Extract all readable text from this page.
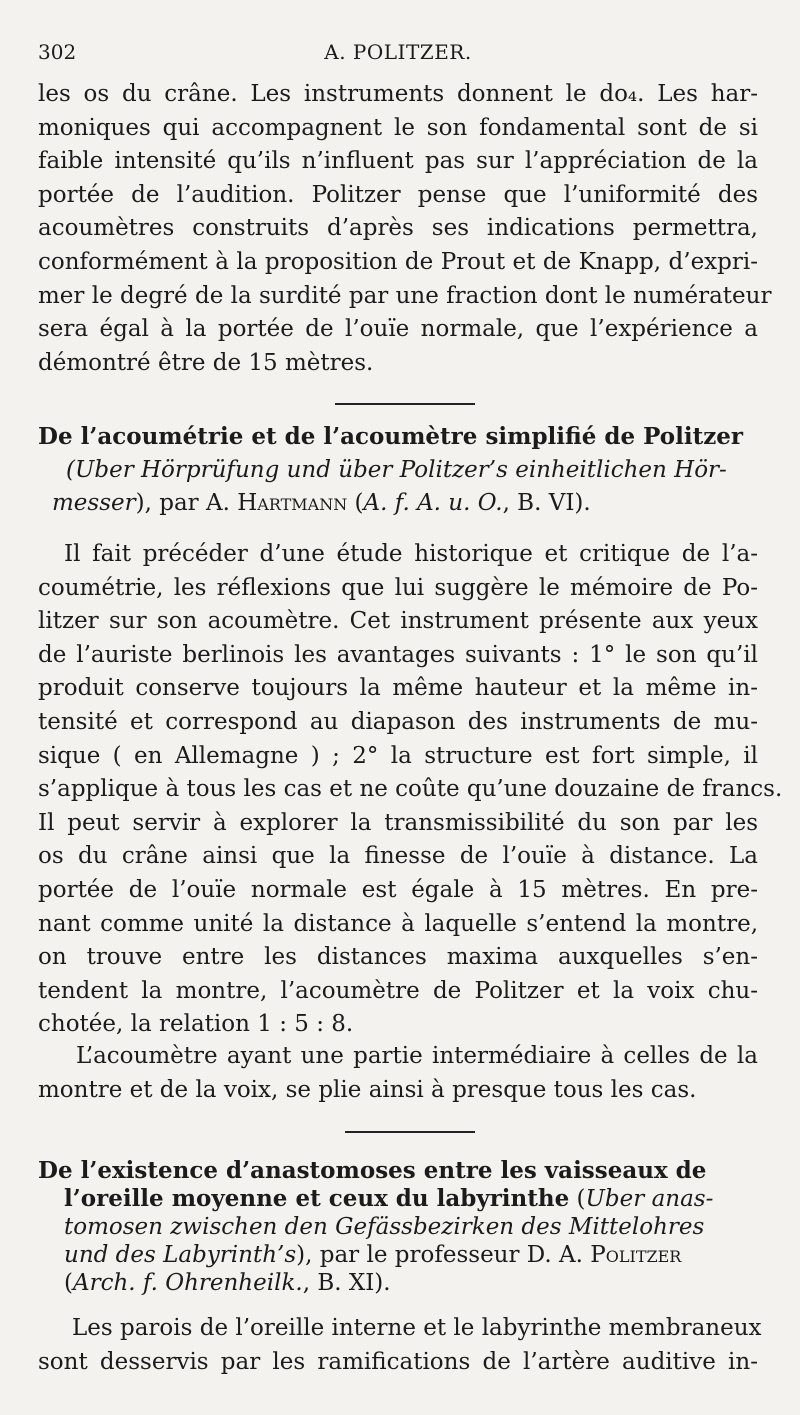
302	A. POLITZER.
les os du crâne. Les instruments donnent le do₄. Les har-
moniques qui accompagnent le son fondamental sont de si
faible intensité qu’ils n’influent pas sur l’appréciation de la
portée de l’audition. Politzer pense que l’uniformité des
acoumètres construits d’après ses indications permettra,
conformément à la proposition de Prout et de Knapp, d’expri-
mer le degré de la surdité par une fraction dont le numérateur
sera égal à la portée de l’ouïe normale, que l’expérience a
démontré être de 15 mètres.
De l’acoumétrie et de l’acoumètre simplifié de Politzer
(Uber Hörprüfung und über Politzer’s einheitlichen Hör-
messer), par A. Hartmann (A. f. A. u. O., B. VI).
Il fait précéder d’une étude historique et critique de l’a-
coumétrie, les réflexions que lui suggère le mémoire de Po-
litzer sur son acoumètre. Cet instrument présente aux yeux
de l’auriste berlinois les avantages suivants : 1° le son qu’il
produit conserve toujours la même hauteur et la même in-
tensité et correspond au diapason des instruments de mu-
sique ( en Allemagne ) ; 2° la structure est fort simple, il
s’applique à tous les cas et ne coûte qu’une douzaine de francs.
Il peut servir à explorer la transmissibilité du son par les
os du crâne ainsi que la finesse de l’ouïe à distance. La
portée de l’ouïe normale est égale à 15 mètres. En pre-
nant comme unité la distance à laquelle s’entend la montre,
on trouve entre les distances maxima auxquelles s’en-
tendent la montre, l’acoumètre de Politzer et la voix chu-
chotée, la relation 1 : 5 : 8.
L’acoumètre ayant une partie intermédiaire à celles de la
montre et de la voix, se plie ainsi à presque tous les cas.
De l’existence d’anastomoses entre les vaisseaux de
l’oreille moyenne et ceux du labyrinthe (Uber anas-
tomosen zwischen den Gefässbezirken des Mittelohres
und des Labyrinth’s), par le professeur D. A. Politzer
(Arch. f. Ohrenheilk., B. XI).
Les parois de l’oreille interne et le labyrinthe membraneux
sont desservis par les ramifications de l’artère auditive in-
